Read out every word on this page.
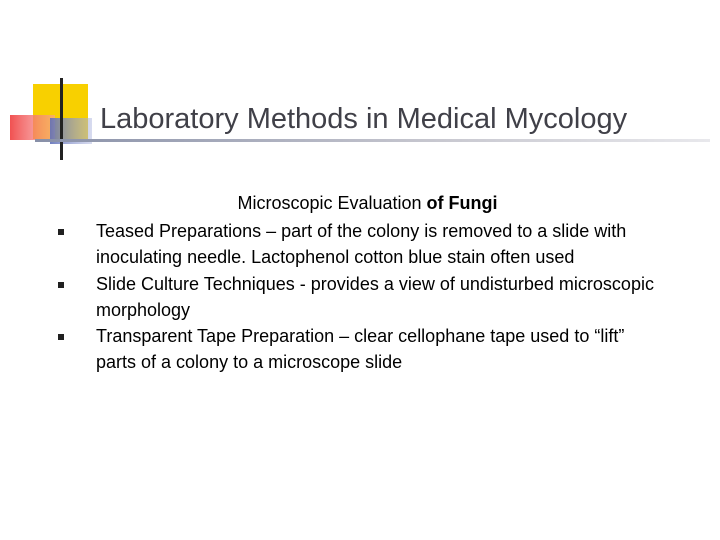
Laboratory Methods in Medical Mycology
Microscopic Evaluation of Fungi
Teased Preparations – part of the colony is removed to a slide with inoculating needle. Lactophenol cotton blue stain often used
Slide Culture Techniques - provides a view of undisturbed microscopic morphology
Transparent Tape Preparation – clear cellophane tape used to “lift” parts of a colony to a microscope slide
